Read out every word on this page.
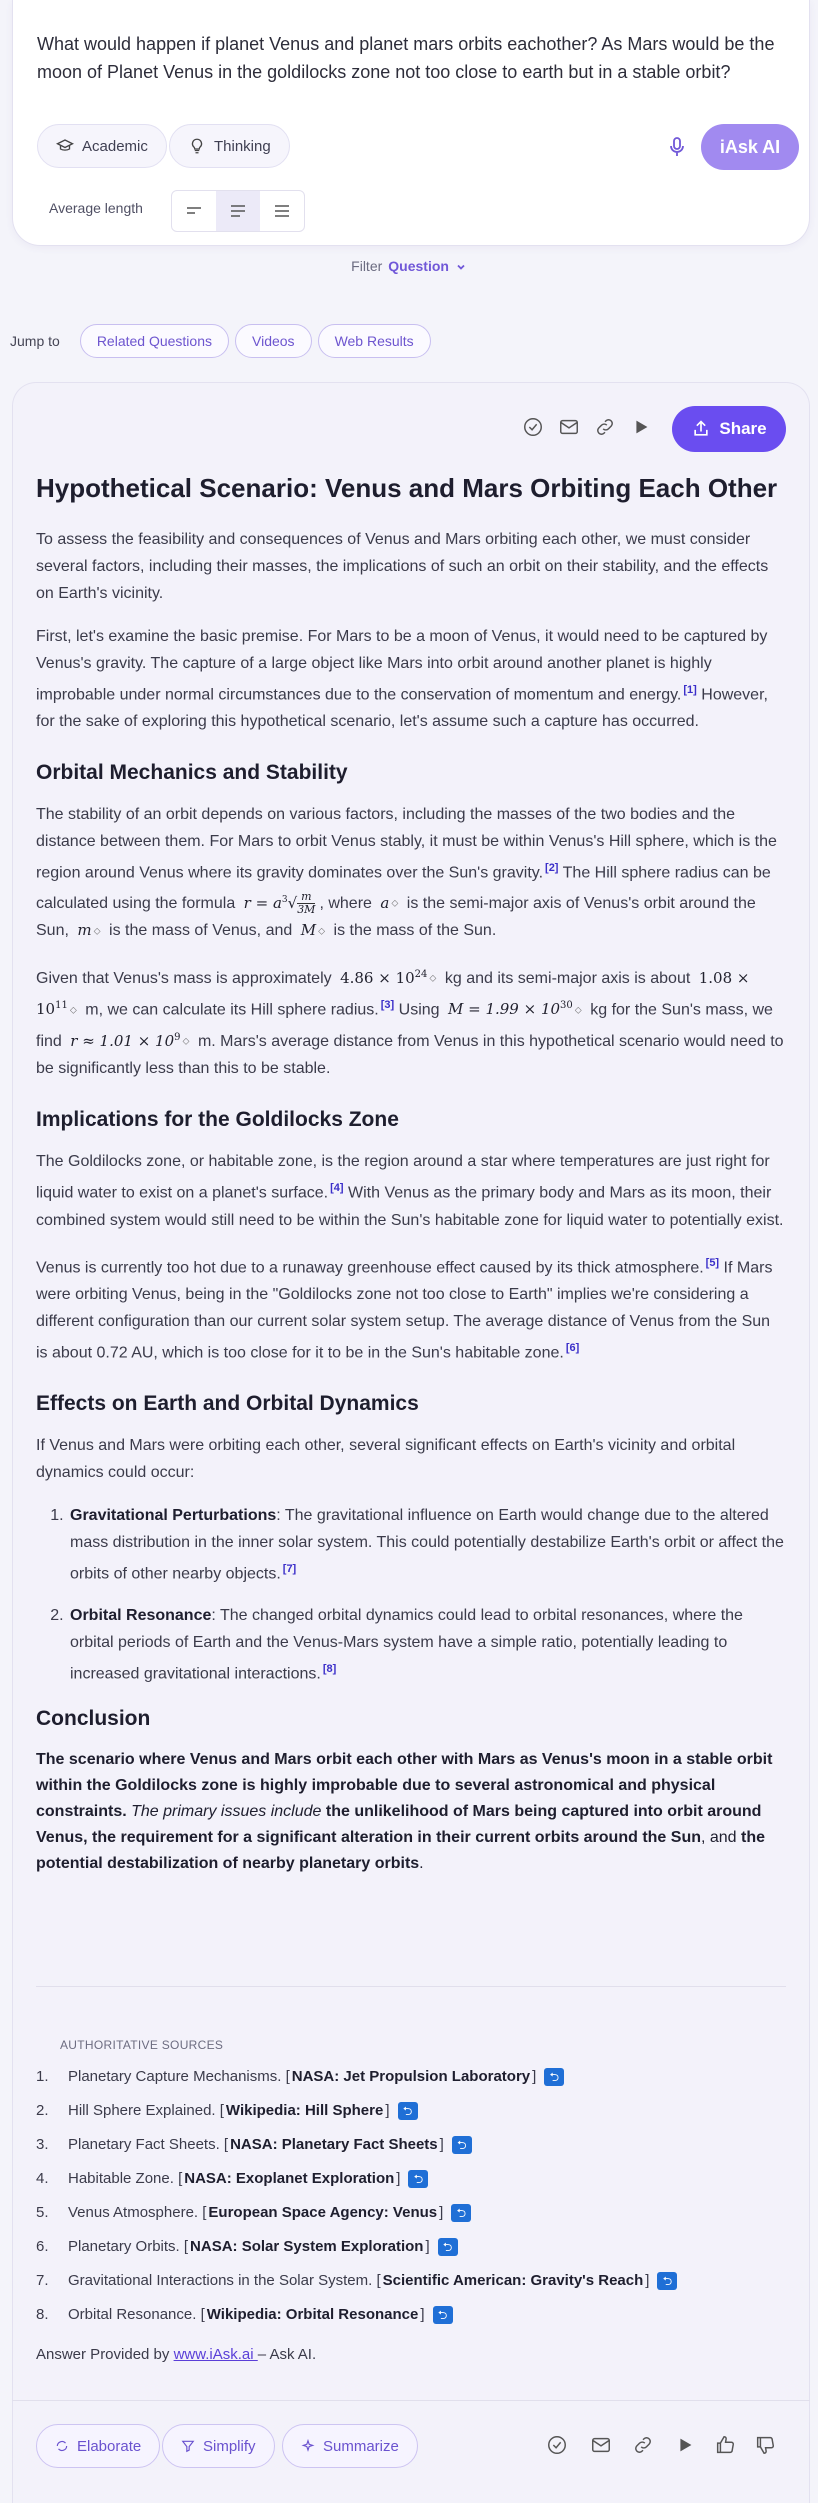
What would happen if planet Venus and planet mars orbits eachother? As Mars would be the moon of Planet Venus in the goldilocks zone not too close to earth but in a stable orbit?
Academic	Thinking	iAsk AI
Average length
Filter Question
Jump to	Related Questions	Videos	Web Results
Share
Hypothetical Scenario: Venus and Mars Orbiting Each Other

To assess the feasibility and consequences of Venus and Mars orbiting each other, we must consider several factors, including their masses, the implications of such an orbit on their stability, and the effects on Earth's vicinity.

First, let's examine the basic premise. For Mars to be a moon of Venus, it would need to be captured by Venus's gravity. The capture of a large object like Mars into orbit around another planet is highly improbable under normal circumstances due to the conservation of momentum and energy. [1] However, for the sake of exploring this hypothetical scenario, let's assume such a capture has occurred.

Orbital Mechanics and Stability

The stability of an orbit depends on various factors, including the masses of the two bodies and the distance between them. For Mars to orbit Venus stably, it must be within Venus's Hill sphere, which is the region around Venus where its gravity dominates over the Sun's gravity. [2] The Hill sphere radius can be calculated using the formula $r = a^3√ \frac{m}{3M}$ , where a ⬦ is the semi-major axis of Venus's orbit around the Sun, m ⬦ is the mass of Venus, and M ⬦ is the mass of the Sun.

Given that Venus's mass is approximately $4.86 \times 10^{24}$ ⬦ kg and its semi-major axis is about $1.08 \times 10^{11}$ ⬦ m, we can calculate its Hill sphere radius. [3] Using $M = 1.99 \times 10^{30}$ ⬦ kg for the Sun's mass, we find $r \approx 1.01 \times 10^9$ ⬦ m. Mars's average distance from Venus in this hypothetical scenario would need to be significantly less than this to be stable.

Implications for the Goldilocks Zone

The Goldilocks zone, or habitable zone, is the region around a star where temperatures are just right for liquid water to exist on a planet's surface. [4] With Venus as the primary body and Mars as its moon, their combined system would still need to be within the Sun's habitable zone for liquid water to potentially exist.

Venus is currently too hot due to a runaway greenhouse effect caused by its thick atmosphere. [5] If Mars were orbiting Venus, being in the "Goldilocks zone not too close to Earth" implies we're considering a different configuration than our current solar system setup. The average distance of Venus from the Sun is about 0.72 AU, which is too close for it to be in the Sun's habitable zone. [6]

Effects on Earth and Orbital Dynamics

If Venus and Mars were orbiting each other, several significant effects on Earth's vicinity and orbital dynamics could occur:

1. Gravitational Perturbations: The gravitational influence on Earth would change due to the altered mass distribution in the inner solar system. This could potentially destabilize Earth's orbit or affect the orbits of other nearby objects. [7]
2. Orbital Resonance: The changed orbital dynamics could lead to orbital resonances, where the orbital periods of Earth and the Venus-Mars system have a simple ratio, potentially leading to increased gravitational interactions. [8]
Conclusion

The scenario where Venus and Mars orbit each other with Mars as Venus's moon in a stable orbit within the Goldilocks zone is highly improbable due to several astronomical and physical constraints. The primary issues include the unlikelihood of Mars being captured into orbit around Venus, the requirement for a significant alteration in their current orbits around the Sun, and the potential destabilization of nearby planetary orbits.

AUTHORITATIVE SOURCES
1.	Planetary Capture Mechanisms. [ NASA: Jet Propulsion Laboratory ]	⮌
2.	Hill Sphere Explained. [ Wikipedia: Hill Sphere ]	⮌
3.	Planetary Fact Sheets. [ NASA: Planetary Fact Sheets ]	⮌
4.	Habitable Zone. [ NASA: Exoplanet Exploration ]	⮌
5.	Venus Atmosphere. [ European Space Agency: Venus ]	⮌
6.	Planetary Orbits. [ NASA: Solar System Exploration ]	⮌
7.	Gravitational Interactions in the Solar System. [ Scientific American: Gravity's Reach ]	⮌
8.	Orbital Resonance. [ Wikipedia: Orbital Resonance ]	⮌
Answer Provided by www.iAsk.ai – Ask AI.
Elaborate	Simplify	Summarize
